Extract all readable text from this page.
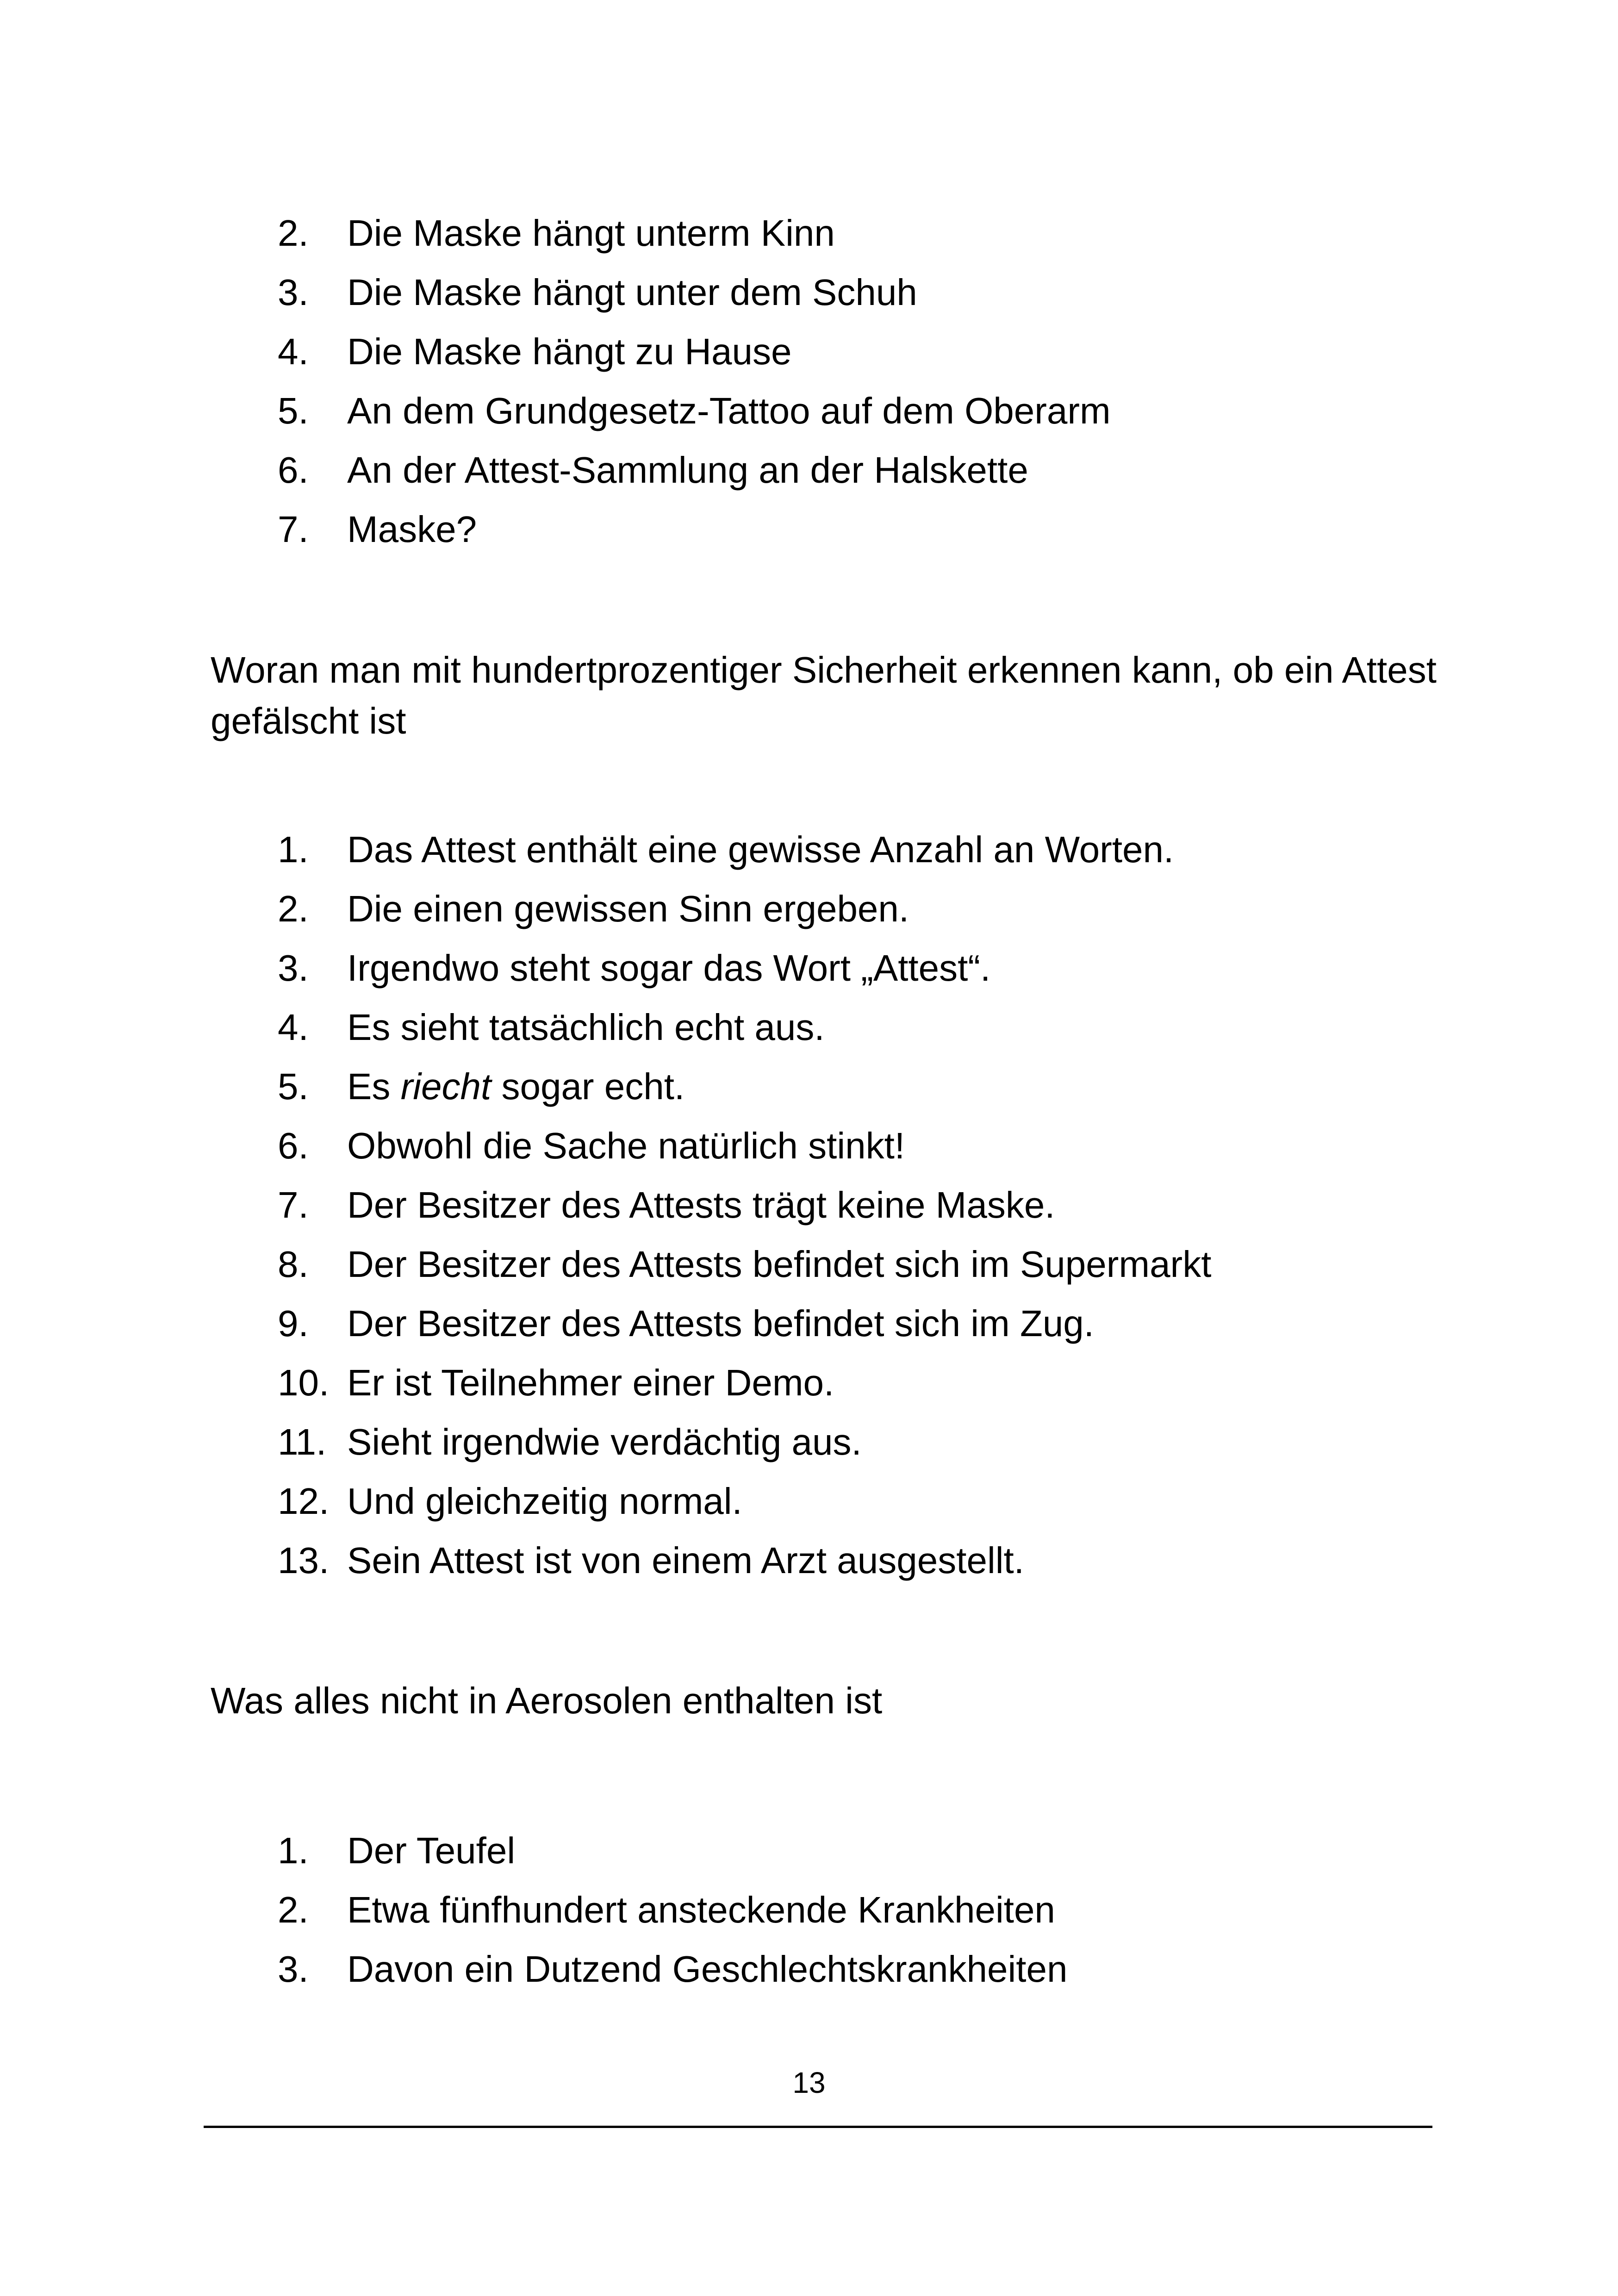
2. Die Maske hängt unterm Kinn
3. Die Maske hängt unter dem Schuh
4. Die Maske hängt zu Hause
5. An dem Grundgesetz-Tattoo auf dem Oberarm
6. An der Attest-Sammlung an der Halskette
7. Maske?

Woran man mit hundertprozentiger Sicherheit erkennen kann, ob ein Attest gefälscht ist

1. Das Attest enthält eine gewisse Anzahl an Worten.
2. Die einen gewissen Sinn ergeben.
3. Irgendwo steht sogar das Wort „Attest“.
4. Es sieht tatsächlich echt aus.
5. Es riecht sogar echt.
6. Obwohl die Sache natürlich stinkt!
7. Der Besitzer des Attests trägt keine Maske.
8. Der Besitzer des Attests befindet sich im Supermarkt
9. Der Besitzer des Attests befindet sich im Zug.
10. Er ist Teilnehmer einer Demo.
11. Sieht irgendwie verdächtig aus.
12. Und gleichzeitig normal.
13. Sein Attest ist von einem Arzt ausgestellt.

Was alles nicht in Aerosolen enthalten ist

1. Der Teufel
2. Etwa fünfhundert ansteckende Krankheiten
3. Davon ein Dutzend Geschlechtskrankheiten
13
